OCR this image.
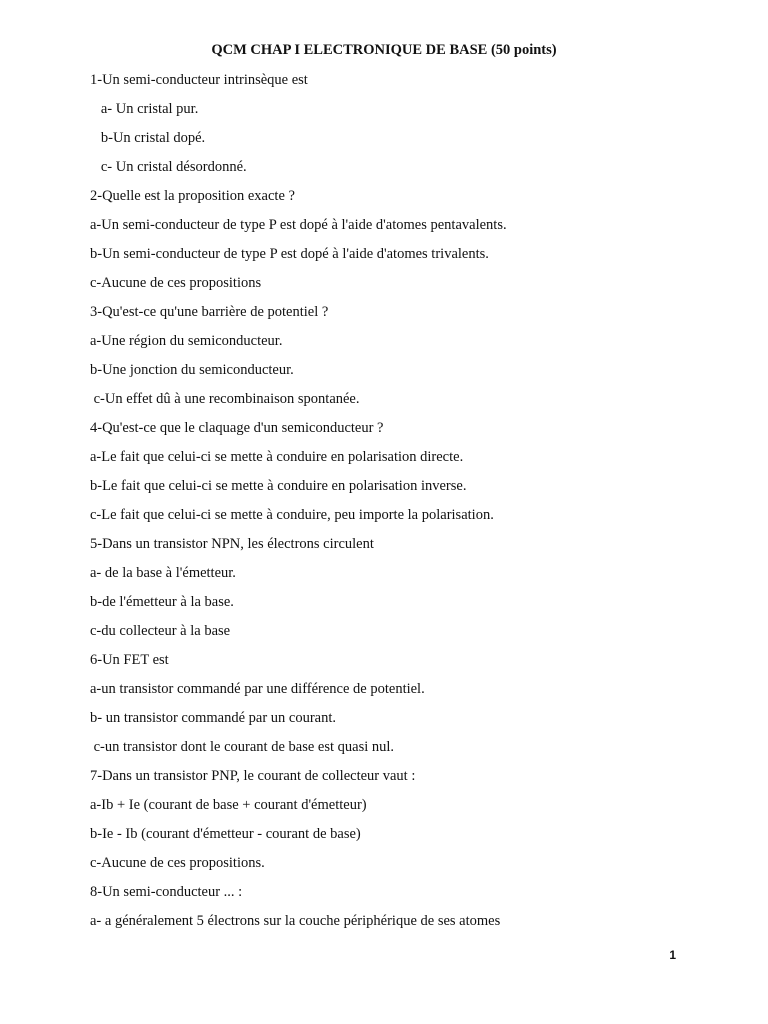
QCM CHAP I ELECTRONIQUE DE BASE (50 points)
1-Un semi-conducteur intrinsèque est
a- Un cristal pur.
b-Un cristal dopé.
c- Un cristal désordonné.
2-Quelle est la proposition exacte ?
a-Un semi-conducteur de type P est dopé à l'aide d'atomes pentavalents.
b-Un semi-conducteur de type P est dopé à l'aide d'atomes trivalents.
c-Aucune de ces propositions
3-Qu'est-ce qu'une barrière de potentiel ?
a-Une région du semiconducteur.
b-Une jonction du semiconducteur.
c-Un effet dû à une recombinaison spontanée.
4-Qu'est-ce que le claquage d'un semiconducteur ?
a-Le fait que celui-ci se mette à conduire en polarisation directe.
b-Le fait que celui-ci se mette à conduire en polarisation inverse.
c-Le fait que celui-ci se mette à conduire, peu importe la polarisation.
5-Dans un transistor NPN, les électrons circulent
a- de la base à l'émetteur.
b-de l'émetteur à la base.
c-du collecteur à la base
6-Un FET est
a-un transistor commandé par une différence de potentiel.
b- un transistor commandé par un courant.
c-un transistor dont le courant de base est quasi nul.
7-Dans un transistor PNP, le courant de collecteur vaut :
a-Ib + Ie (courant de base + courant d'émetteur)
b-Ie - Ib (courant d'émetteur - courant de base)
c-Aucune de ces propositions.
8-Un semi-conducteur ... :
a- a généralement 5 électrons sur la couche périphérique de ses atomes
1
